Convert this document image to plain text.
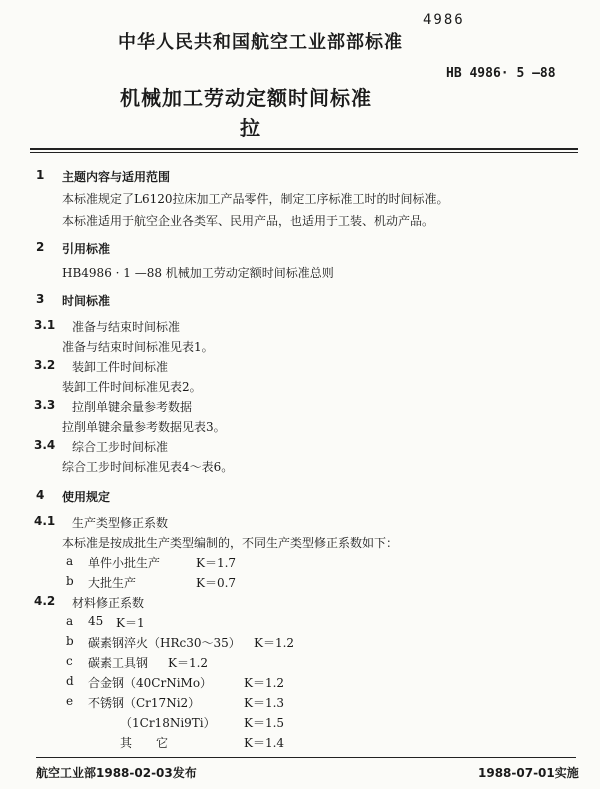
4986
中华人民共和国航空工业部部标准
HB 4986· 5 —88
机械加工劳动定额时间标准
拉
1 主题内容与适用范围
本标准规定了L6120拉床加工产品零件，制定工序标准工时的时间标准。
本标准适用于航空企业各类军、民用产品，也适用于工装、机动产品。
2 引用标准
HB4986 · 1 —88 机械加工劳动定额时间标准总则
3 时间标准
3.1 准备与结束时间标准
准备与结束时间标准见表1。
3.2 装卸工件时间标准
装卸工件时间标准见表2。
3.3 拉削单键余量参考数据
拉削单键余量参考数据见表3。
3.4 综合工步时间标准
综合工步时间标准见表4～表6。
4 使用规定
4.1 生产类型修正系数
本标准是按成批生产类型编制的，不同生产类型修正系数如下：
a 单件小批生产	K＝1.7
b 大批生产	K＝0.7
4.2 材料修正系数
a 45 K＝1
b 碳素钢淬火（HRc30～35） K＝1.2
c 碳素工具钢 K＝1.2
d 合金钢（40CrNiMo）	K＝1.2
e 不锈钢（Cr17Ni2）	K＝1.3
（1Cr18Ni9Ti） K＝1.5
其　　它	K＝1.4
航空工业部1988-02-03发布	1988-07-01实施
